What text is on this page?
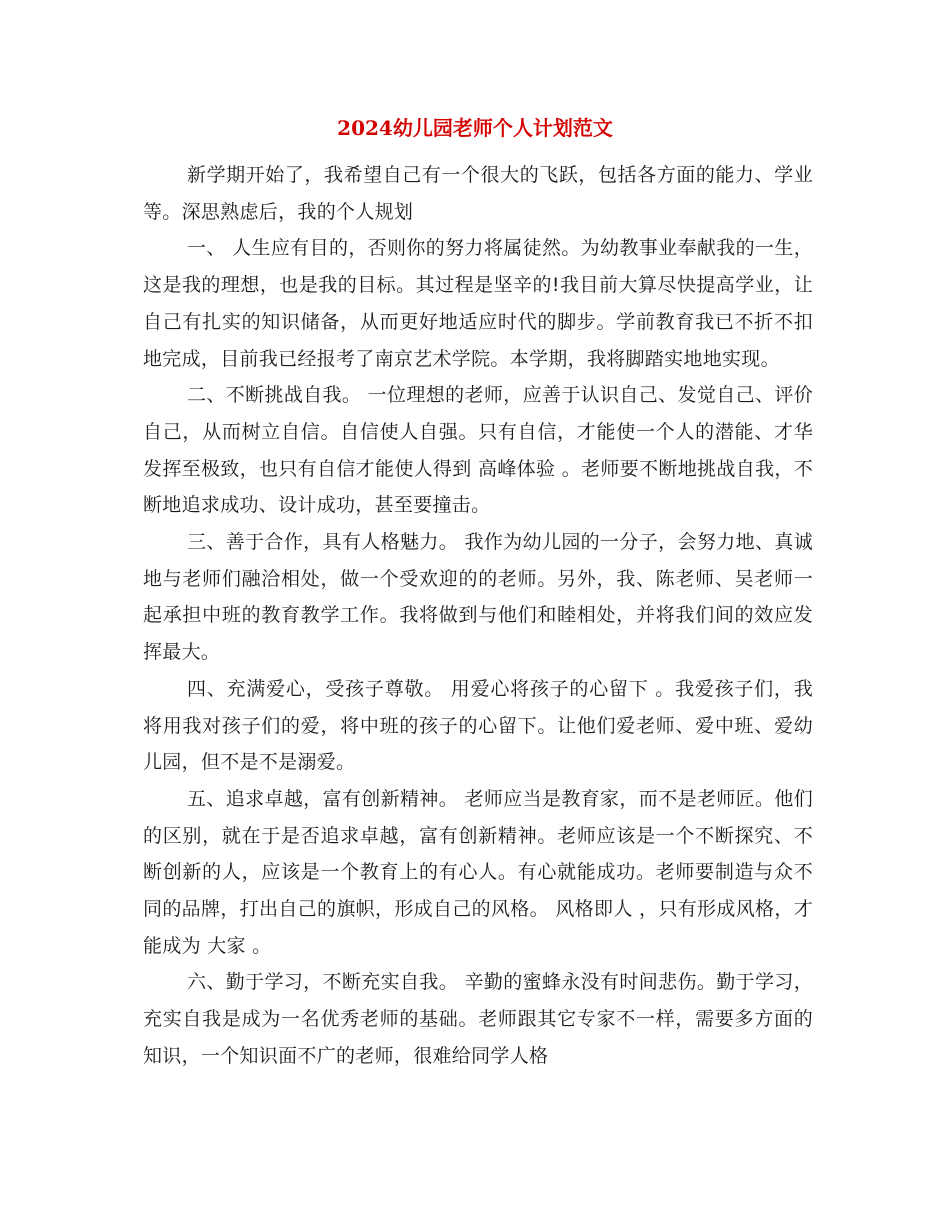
2024幼儿园老师个人计划范文

新学期开始了，我希望自己有一个很大的飞跃，包括各方面的能力、学业等。深思熟虑后，我的个人规划

一、 人生应有目的，否则你的努力将属徒然。为幼教事业奉献我的一生，这是我的理想，也是我的目标。其过程是坚辛的!我目前大算尽快提高学业，让自己有扎实的知识储备，从而更好地适应时代的脚步。学前教育我已不折不扣地完成，目前我已经报考了南京艺术学院。本学期，我将脚踏实地地实现。

二、不断挑战自我。 一位理想的老师，应善于认识自己、发觉自己、评价自己，从而树立自信。自信使人自强。只有自信，才能使一个人的潜能、才华发挥至极致，也只有自信才能使人得到 高峰体验 。老师要不断地挑战自我，不断地追求成功、设计成功，甚至要撞击。

三、善于合作，具有人格魅力。 我作为幼儿园的一分子，会努力地、真诚地与老师们融洽相处，做一个受欢迎的的老师。另外，我、陈老师、吴老师一起承担中班的教育教学工作。我将做到与他们和睦相处，并将我们间的效应发挥最大。

四、充满爱心，受孩子尊敬。 用爱心将孩子的心留下 。我爱孩子们，我将用我对孩子们的爱，将中班的孩子的心留下。让他们爱老师、爱中班、爱幼儿园，但不是不是溺爱。

五、追求卓越，富有创新精神。 老师应当是教育家，而不是老师匠。他们的区别，就在于是否追求卓越，富有创新精神。老师应该是一个不断探究、不断创新的人，应该是一个教育上的有心人。有心就能成功。老师要制造与众不同的品牌，打出自己的旗帜，形成自己的风格。 风格即人 ，只有形成风格，才能成为 大家 。

六、勤于学习，不断充实自我。 辛勤的蜜蜂永没有时间悲伤。勤于学习，充实自我是成为一名优秀老师的基础。老师跟其它专家不一样，需要多方面的知识，一个知识面不广的老师，很难给同学人格
